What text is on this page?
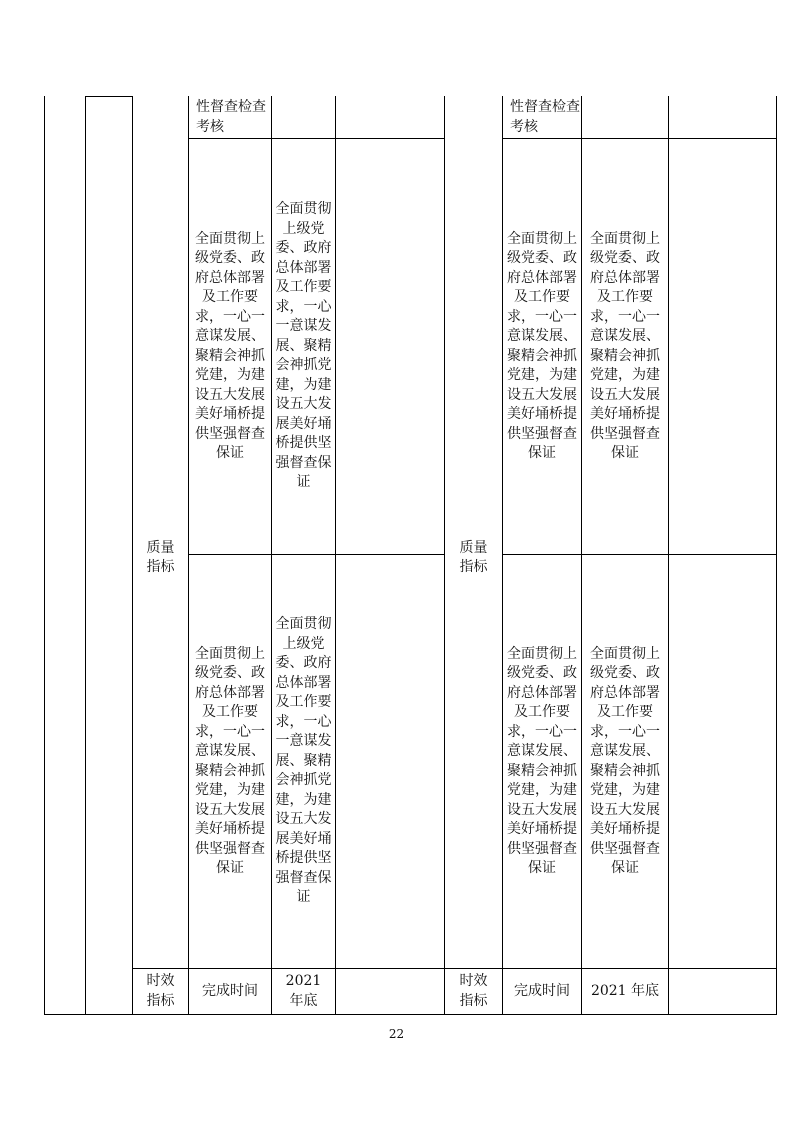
性督查检查考核
性督查检查考核
质量指标
质量指标
全面贯彻上级党委、政府总体部署及工作要求，一心一意谋发展、聚精会神抓党建，为建设五大发展美好埇桥提供坚强督查保证
全面贯彻上级党委、政府总体部署及工作要求，一心一意谋发展、聚精会神抓党建，为建设五大发展美好埇桥提供坚强督查保证
全面贯彻上级党委、政府总体部署及工作要求，一心一意谋发展、聚精会神抓党建，为建设五大发展美好埇桥提供坚强督查保证
全面贯彻上级党委、政府总体部署及工作要求，一心一意谋发展、聚精会神抓党建，为建设五大发展美好埇桥提供坚强督查保证
全面贯彻上级党委、政府总体部署及工作要求，一心一意谋发展、聚精会神抓党建，为建设五大发展美好埇桥提供坚强督查保证
全面贯彻上级党委、政府总体部署及工作要求，一心一意谋发展、聚精会神抓党建，为建设五大发展美好埇桥提供坚强督查保证
全面贯彻上级党委、政府总体部署及工作要求，一心一意谋发展、聚精会神抓党建，为建设五大发展美好埇桥提供坚强督查保证
全面贯彻上级党委、政府总体部署及工作要求，一心一意谋发展、聚精会神抓党建，为建设五大发展美好埇桥提供坚强督查保证
时效指标
完成时间
2021年底
时效指标
完成时间 2021 年底
22
